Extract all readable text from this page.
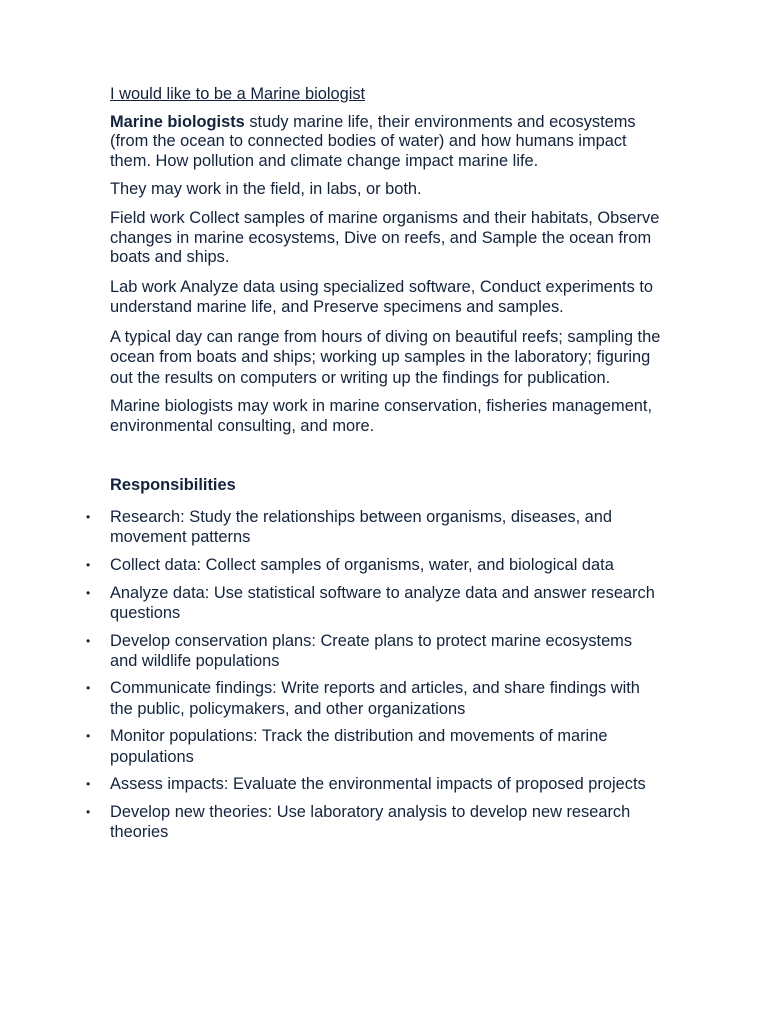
I would like to be a Marine biologist

Marine biologists study marine life, their environments and ecosystems (from the ocean to connected bodies of water) and how humans impact them. How pollution and climate change impact marine life.

They may work in the field, in labs, or both.

Field work Collect samples of marine organisms and their habitats, Observe changes in marine ecosystems, Dive on reefs, and Sample the ocean from boats and ships.

Lab work Analyze data using specialized software, Conduct experiments to understand marine life, and Preserve specimens and samples.

A typical day can range from hours of diving on beautiful reefs; sampling the ocean from boats and ships; working up samples in the laboratory; figuring out the results on computers or writing up the findings for publication.

Marine biologists may work in marine conservation, fisheries management, environmental consulting, and more.

Responsibilities
• Research: Study the relationships between organisms, diseases, and movement patterns
• Collect data: Collect samples of organisms, water, and biological data
• Analyze data: Use statistical software to analyze data and answer research questions
• Develop conservation plans: Create plans to protect marine ecosystems and wildlife populations
• Communicate findings: Write reports and articles, and share findings with the public, policymakers, and other organizations
• Monitor populations: Track the distribution and movements of marine populations
• Assess impacts: Evaluate the environmental impacts of proposed projects
• Develop new theories: Use laboratory analysis to develop new research theories
